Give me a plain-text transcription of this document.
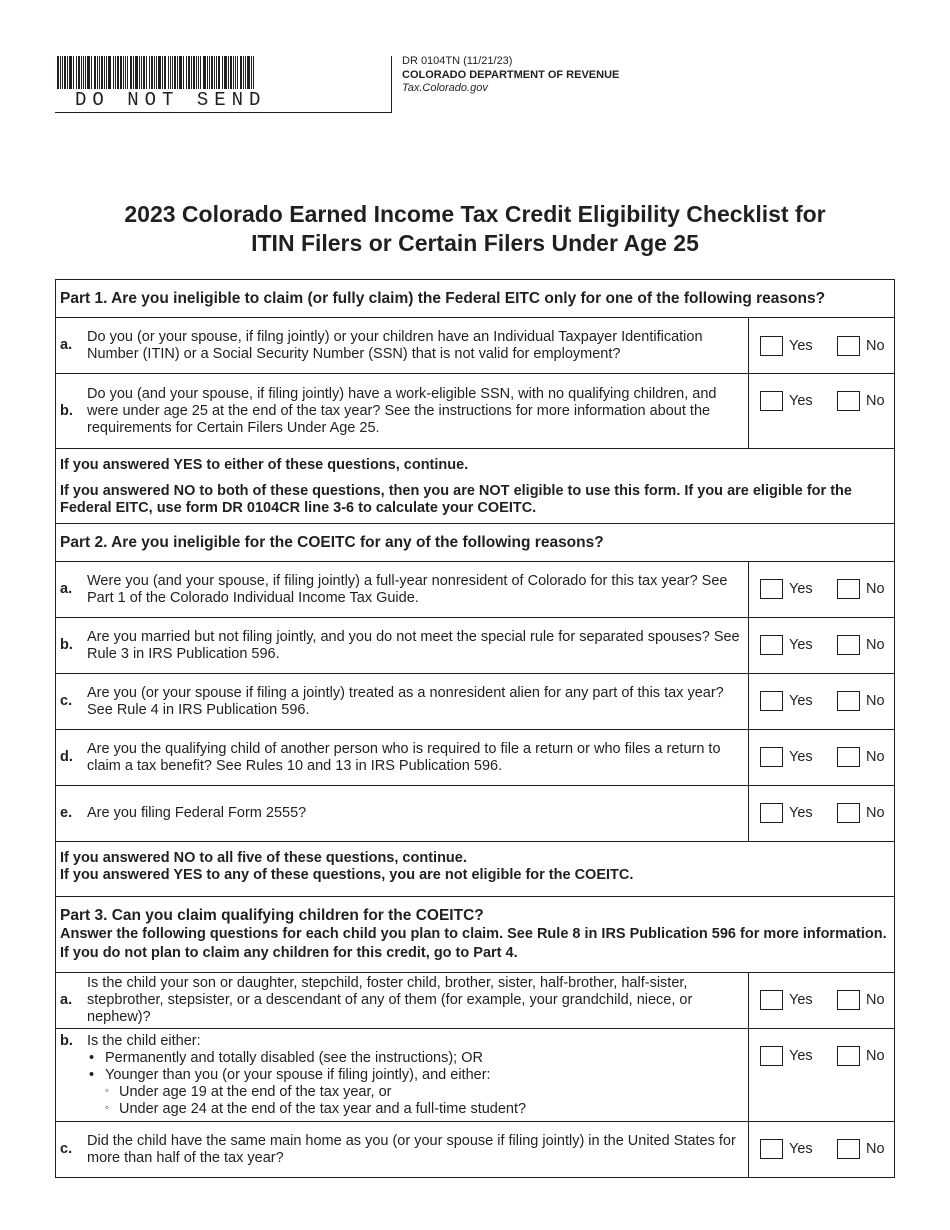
DO NOT SEND
DR 0104TN (11/21/23)
COLORADO DEPARTMENT OF REVENUE
Tax.Colorado.gov
2023 Colorado Earned Income Tax Credit Eligibility Checklist for
ITIN Filers or Certain Filers Under Age 25
Part 1. Are you ineligible to claim (or fully claim) the Federal EITC only for one of the following reasons?
a.
Do you (or your spouse, if filng jointly) or your children have an Individual Taxpayer Identification Number (ITIN) or a Social Security Number (SSN) that is not valid for employment?	Yes	No
b.
Do you (and your spouse, if filing jointly) have a work-eligible SSN, with no qualifying children, and were under age 25 at the end of the tax year? See the instructions for more information about the requirements for Certain Filers Under Age 25.
Yes	No

If you answered YES to either of these questions, continue.

If you answered NO to both of these questions, then you are NOT eligible to use this form. If you are eligible for the Federal EITC, use form DR 0104CR line 3-6 to calculate your COEITC.

Part 2. Are you ineligible for the COEITC for any of the following reasons?
a.
Were you (and your spouse, if filing jointly) a full-year nonresident of Colorado for this tax year? See Part 1 of the Colorado Individual Income Tax Guide.
Yes	No
b.
Are you married but not filing jointly, and you do not meet the special rule for separated spouses? See Rule 3 in IRS Publication 596.
Yes	No
c.
Are you (or your spouse if filing a jointly) treated as a nonresident alien for any part of this tax year? See Rule 4 in IRS Publication 596.
Yes	No
d.
Are you the qualifying child of another person who is required to file a return or who files a return to claim a tax benefit? See Rules 10 and 13 in IRS Publication 596.
Yes	No
e.	Are you filing Federal Form 2555?	Yes	No
If you answered NO to all five of these questions, continue.
If you answered YES to any of these questions, you are not eligible for the COEITC.
Part 3. Can you claim qualifying children for the COEITC?
Answer the following questions for each child you plan to claim. See Rule 8 in IRS Publication 596 for more information. If you do not plan to claim any children for this credit, go to Part 4.
a.
Is the child your son or daughter, stepchild, foster child, brother, sister, half-brother, half-sister, stepbrother, stepsister, or a descendant of any of them (for example, your grandchild, niece, or nephew)?
Yes	No
b. Is the child either:
• Permanently and totally disabled (see the instructions); OR
• Younger than you (or your spouse if filing jointly), and either:
◦ Under age 19 at the end of the tax year, or
◦ Under age 24 at the end of the tax year and a full-time student?
Yes	No
c.
Did the child have the same main home as you (or your spouse if filing jointly) in the United States for more than half of the tax year?
Yes	No
